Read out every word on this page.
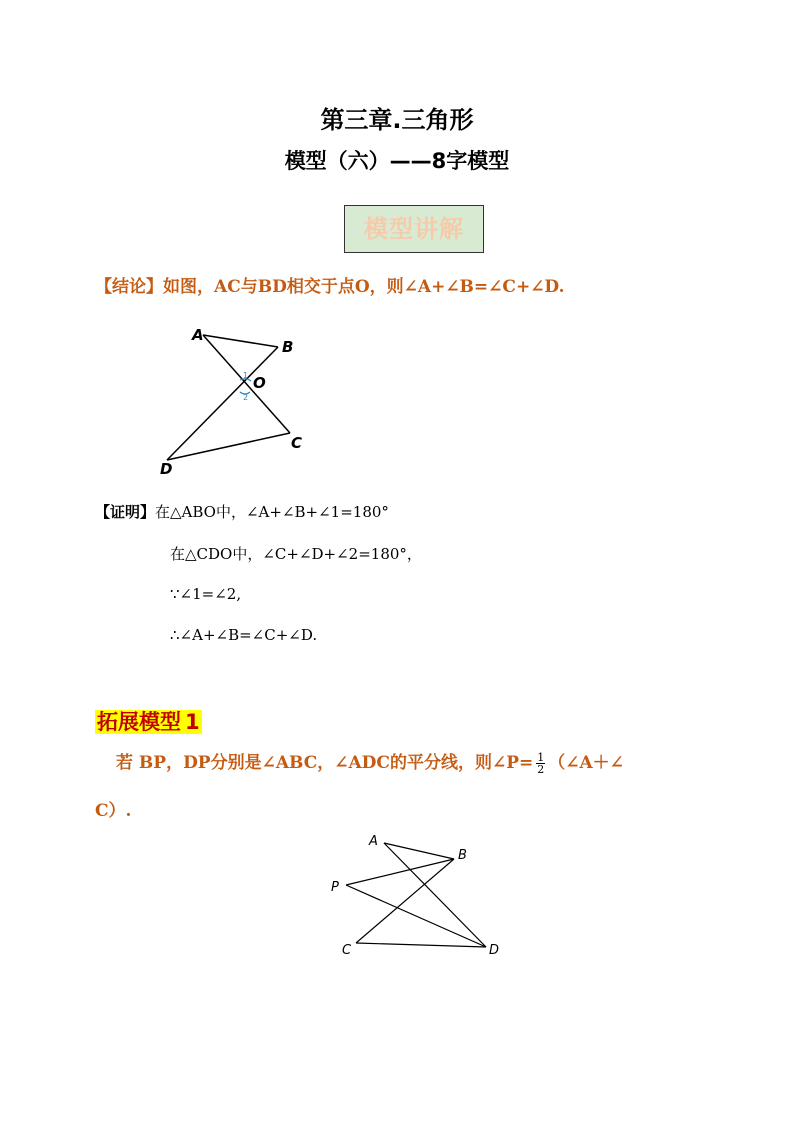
第三章.三角形
模型（六）——8字模型
模型讲解
【结论】如图，AC与BD相交于点O，则∠A+∠B=∠C+∠D.
1
2
A
B
O
C
D
【证明】在△ABO中，∠A+∠B+∠1=180°
在△CDO中，∠C+∠D+∠2=180°，
∵∠1=∠2,
∴∠A+∠B=∠C+∠D.
拓展模型 1
若 BP，DP分别是∠ABC，∠ADC的平分线，则∠P= $\frac{1}{2}$ （∠A＋∠
C）.
A
B
P
C	D
